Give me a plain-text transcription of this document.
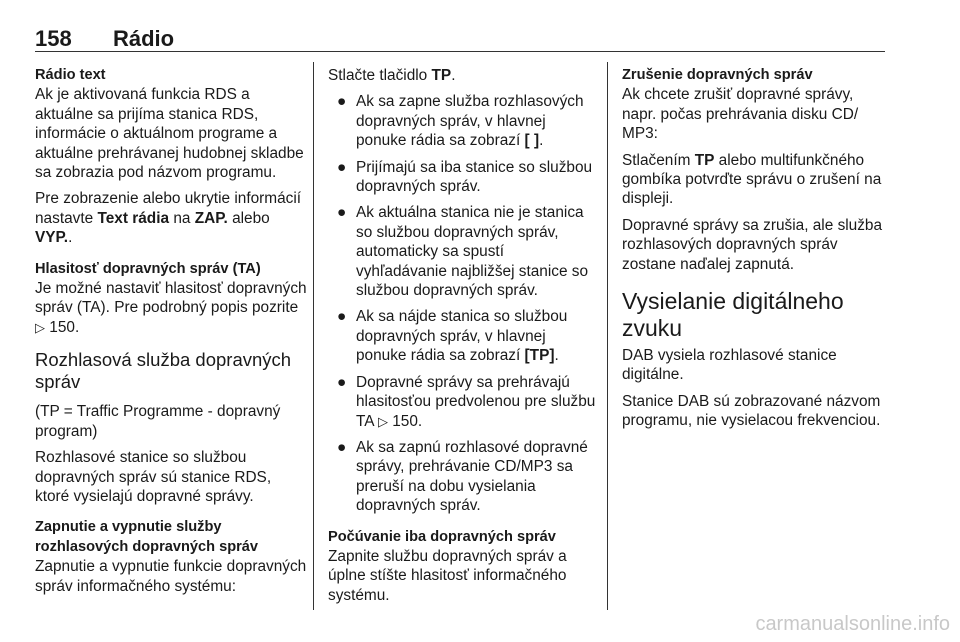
158 Rádio
Rádio text

Ak je aktivovaná funkcia RDS a aktuálne sa prijíma stanica RDS, informácie o aktuálnom programe a aktuálne prehrávanej hudobnej skladbe sa zobrazia pod názvom programu.

Pre zobrazenie alebo ukrytie informácií nastavte Text rádia na ZAP. alebo VYP..

Hlasitosť dopravných správ (TA)

Je možné nastaviť hlasitosť dopravných správ (TA). Pre podrobný popis pozrite ▷ 150.

Rozhlasová služba dopravných správ

(TP = Traffic Programme - dopravný program)

Rozhlasové stanice so službou dopravných správ sú stanice RDS, ktoré vysielajú dopravné správy.

Zapnutie a vypnutie služby rozhlasových dopravných správ

Zapnutie a vypnutie funkcie dopravných správ informačného systému:

Stlačte tlačidlo TP.

● Ak sa zapne služba rozhlasových dopravných správ, v hlavnej ponuke rádia sa zobrazí [ ].
● Prijímajú sa iba stanice so službou dopravných správ.
● Ak aktuálna stanica nie je stanica so službou dopravných správ, automaticky sa spustí vyhľadávanie najbližšej stanice so službou dopravných správ.
● Ak sa nájde stanica so službou dopravných správ, v hlavnej ponuke rádia sa zobrazí [TP].
● Dopravné správy sa prehrávajú hlasitosťou predvolenou pre službu TA ▷ 150.
● Ak sa zapnú rozhlasové dopravné správy, prehrávanie CD/MP3 sa preruší na dobu vysielania dopravných správ.
Počúvanie iba dopravných správ

Zapnite službu dopravných správ a úplne stíšte hlasitosť informačného systému.

Zrušenie dopravných správ

Ak chcete zrušiť dopravné správy, napr. počas prehrávania disku CD/ MP3:

Stlačením TP alebo multifunkčného gombíka potvrďte správu o zrušení na displeji.

Dopravné správy sa zrušia, ale služba rozhlasových dopravných správ zostane naďalej zapnutá.

Vysielanie digitálneho zvuku

DAB vysiela rozhlasové stanice digitálne.

Stanice DAB sú zobrazované názvom programu, nie vysielacou frekvenciou.

carmanualsonline.info
